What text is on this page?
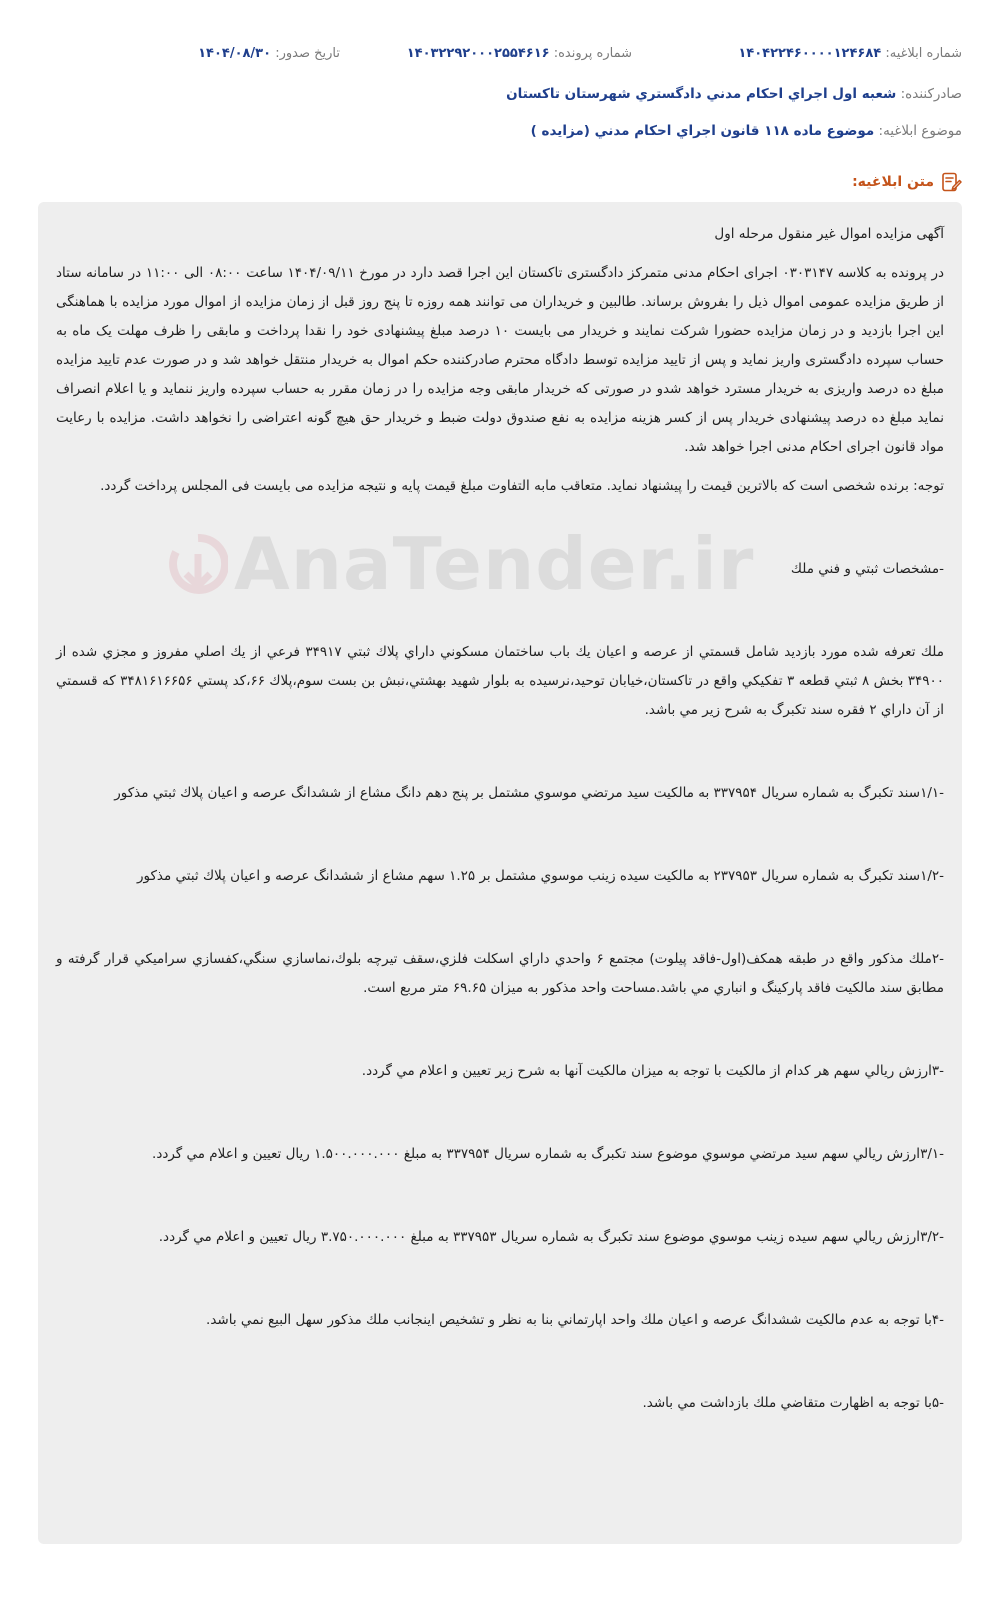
شماره ابلاغیه: ۱۴۰۴۲۲۴۶۰۰۰۰۱۲۴۶۸۴
شماره پرونده: ۱۴۰۳۲۲۹۲۰۰۰۲۵۵۴۶۱۶
تاریخ صدور: ۱۴۰۴/۰۸/۳۰
صادرکننده: شعبه اول اجراي احكام مدني دادگستري شهرستان تاكستان
موضوع ابلاغیه: موضوع ماده ۱۱۸ قانون اجراي احكام مدني (مزايده )
متن ابلاغیه:
AnaTender.ir

آگهی مزایده اموال غیر منقول مرحله اول

در پرونده به کلاسه ۰۳۰۳۱۴۷ اجرای احکام مدنی متمرکز دادگستری تاکستان این اجرا قصد دارد در مورخ ۱۴۰۴/۰۹/۱۱ ساعت ۰۸:۰۰ الی ۱۱:۰۰ در سامانه ستاد از طریق مزایده عمومی اموال ذیل را بفروش برساند. طالبین و خریداران می توانند همه روزه تا پنج روز قبل از زمان مزایده از اموال مورد مزایده با هماهنگی این اجرا بازدید و در زمان مزایده حضورا شرکت نمایند و خریدار می بایست ۱۰ درصد مبلغ پیشنهادی خود را نقدا پرداخت و مابقی را ظرف مهلت یک ماه به حساب سپرده دادگستری واریز نماید و پس از تایید مزایده توسط دادگاه محترم صادرکننده حکم اموال به خریدار منتقل خواهد شد و در صورت عدم تایید مزایده مبلغ ده درصد واریزی به خریدار مسترد خواهد شدو در صورتی که خریدار مابقی وجه مزایده را در زمان مقرر به حساب سپرده واریز ننماید و یا اعلام انصراف نماید مبلغ ده درصد پیشنهادی خریدار پس از کسر هزینه مزایده به نفع صندوق دولت ضبط و خریدار حق هیچ گونه اعتراضی را نخواهد داشت. مزایده با رعایت مواد قانون اجرای احکام مدنی اجرا خواهد شد.

توجه: برنده شخصی است که بالاترین قیمت را پیشنهاد نماید. متعاقب مابه التفاوت مبلغ قیمت پایه و نتیجه مزایده می بایست فی المجلس پرداخت گردد.

-مشخصات ثبتي و فني ملك

ملك تعرفه شده مورد بازديد شامل قسمتي از عرصه و اعيان يك باب ساختمان مسكوني داراي پلاك ثبتي ۳۴۹۱۷ فرعي از يك اصلي مفروز و مجزي شده از ۳۴۹۰۰ بخش ۸ ثبتي قطعه ۳ تفكيكي واقع در تاكستان،خيابان توحيد،نرسيده به بلوار شهيد بهشتي،نبش بن بست سوم،پلاك ۶۶،كد پستي ۳۴۸۱۶۱۶۶۵۶ كه قسمتي از آن داراي ۲ فقره سند تكبرگ به شرح زير مي باشد.

-۱/۱سند تكبرگ به شماره سريال ۳۳۷۹۵۴ به مالكيت سيد مرتضي موسوي مشتمل بر پنج دهم دانگ مشاع از ششدانگ عرصه و اعيان پلاك ثبتي مذكور

-۱/۲سند تكبرگ به شماره سريال ۲۳۷۹۵۳ به مالكيت سيده زينب موسوي مشتمل بر ۱.۲۵ سهم مشاع از ششدانگ عرصه و اعيان پلاك ثبتي مذكور

-۲ملك مذكور واقع در طبقه همكف(اول-فاقد پيلوت) مجتمع ۶ واحدي داراي اسكلت فلزي،سقف تيرچه بلوك،نماسازي سنگي،كفسازي سراميكي قرار گرفته و مطابق سند مالكيت فاقد پاركينگ و انباري مي باشد.مساحت واحد مذكور به ميزان ۶۹.۶۵ متر مربع است.

-۳ارزش ريالي سهم هر كدام از مالكيت با توجه به ميزان مالكيت آنها به شرح زير تعيين و اعلام مي گردد.

-۳/۱ارزش ريالي سهم سيد مرتضي موسوي موضوع سند تكبرگ به شماره سريال ۳۳۷۹۵۴ به مبلغ ۱.۵۰۰.۰۰۰.۰۰۰ ريال تعيين و اعلام مي گردد.

-۳/۲ارزش ريالي سهم سيده زينب موسوي موضوع سند تكبرگ به شماره سريال ۳۳۷۹۵۳ به مبلغ ۳.۷۵۰.۰۰۰.۰۰۰ ريال تعيين و اعلام مي گردد.

-۴با توجه به عدم مالكيت ششدانگ عرصه و اعيان ملك واحد اپارتماني بنا به نظر و تشخيص اينجانب ملك مذكور سهل البيع نمي باشد.

-۵با توجه به اظهارت متقاضي ملك بازداشت مي باشد.
